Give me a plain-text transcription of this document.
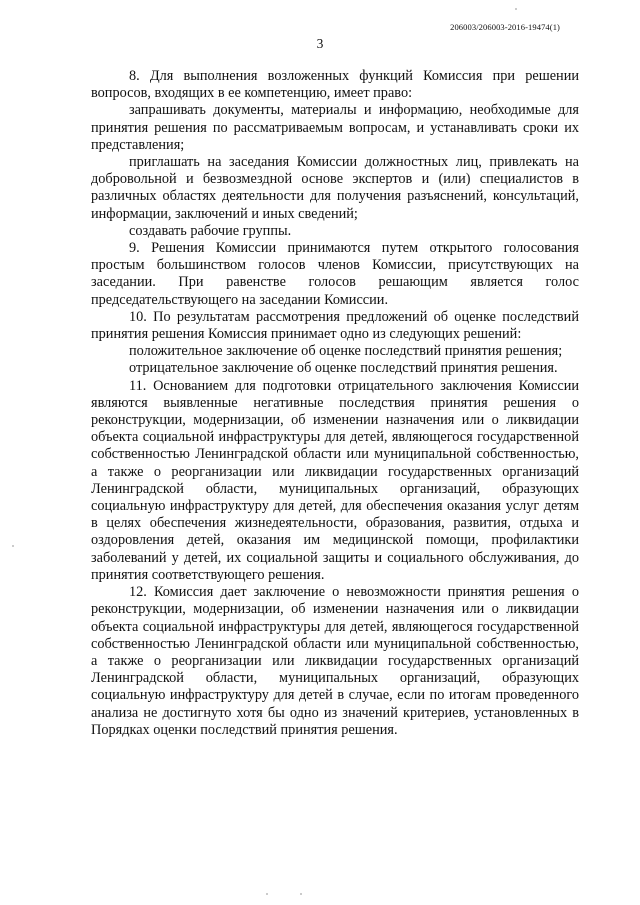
206003/206003-2016-19474(1)
3

8. Для выполнения возложенных функций Комиссия при решении вопросов, входящих в ее компетенцию, имеет право:

запрашивать документы, материалы и информацию, необходимые для принятия решения по рассматриваемым вопросам, и устанавливать сроки их представления;

приглашать на заседания Комиссии должностных лиц, привлекать на добровольной и безвозмездной основе экспертов и (или) специалистов в различных областях деятельности для получения разъяснений, консультаций, информации, заключений и иных сведений;

создавать рабочие группы.

9. Решения Комиссии принимаются путем открытого голосования простым большинством голосов членов Комиссии, присутствующих на заседании. При равенстве голосов решающим является голос председательствующего на заседании Комиссии.

10. По результатам рассмотрения предложений об оценке последствий принятия решения Комиссия принимает одно из следующих решений:

положительное заключение об оценке последствий принятия решения;

отрицательное заключение об оценке последствий принятия решения.

11. Основанием для подготовки отрицательного заключения Комиссии являются выявленные негативные последствия принятия решения о реконструкции, модернизации, об изменении назначения или о ликвидации объекта социальной инфраструктуры для детей, являющегося государственной собственностью Ленинградской области или муниципальной собственностью, а также о реорганизации или ликвидации государственных организаций Ленинградской области, муниципальных организаций, образующих социальную инфраструктуру для детей, для обеспечения оказания услуг детям в целях обеспечения жизнедеятельности, образования, развития, отдыха и оздоровления детей, оказания им медицинской помощи, профилактики заболеваний у детей, их социальной защиты и социального обслуживания, до принятия соответствующего решения.

12. Комиссия дает заключение о невозможности принятия решения о реконструкции, модернизации, об изменении назначения или о ликвидации объекта социальной инфраструктуры для детей, являющегося государственной собственностью Ленинградской области или муниципальной собственностью, а также о реорганизации или ликвидации государственных организаций Ленинградской области, муниципальных организаций, образующих социальную инфраструктуру для детей в случае, если по итогам проведенного анализа не достигнуто хотя бы одно из значений критериев, установленных в Порядках оценки последствий принятия решения.
